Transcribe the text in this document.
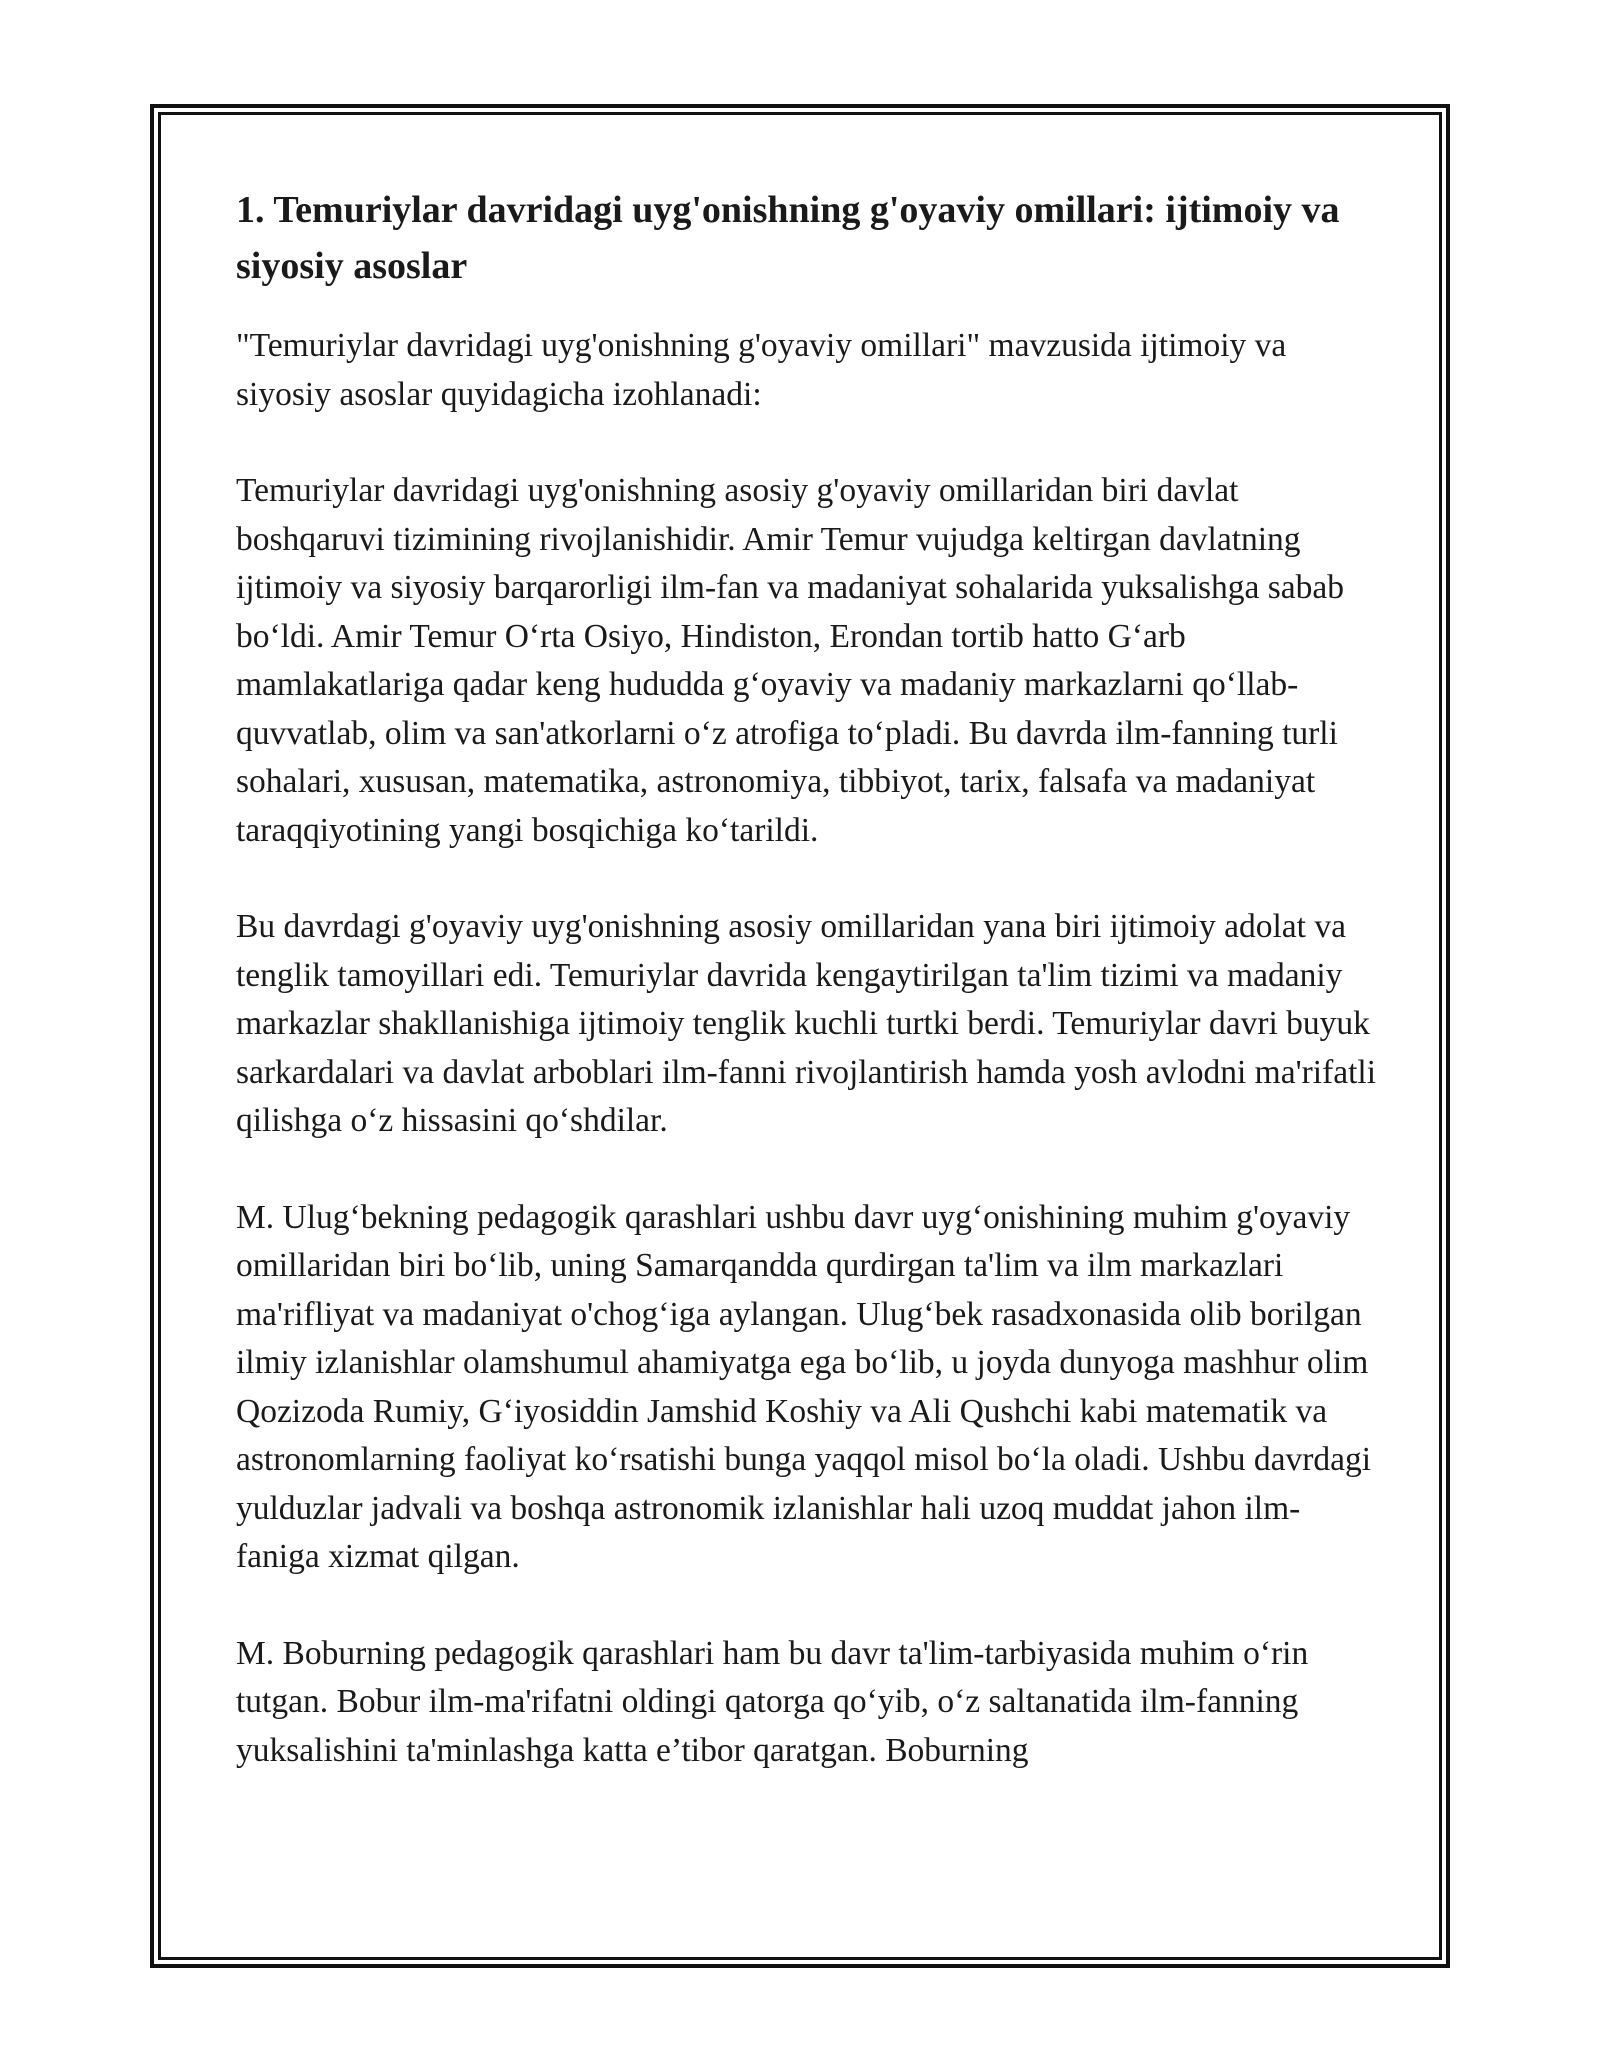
1. Temuriylar davridagi uyg'onishning g'oyaviy omillari: ijtimoiy va siyosiy asoslar

"Temuriylar davridagi uyg'onishning g'oyaviy omillari" mavzusida ijtimoiy va siyosiy asoslar quyidagicha izohlanadi:

Temuriylar davridagi uyg'onishning asosiy g'oyaviy omillaridan biri davlat boshqaruvi tizimining rivojlanishidir. Amir Temur vujudga keltirgan davlatning ijtimoiy va siyosiy barqarorligi ilm-fan va madaniyat sohalarida yuksalishga sabab bo‘ldi. Amir Temur O‘rta Osiyo, Hindiston, Erondan tortib hatto G‘arb mamlakatlariga qadar keng hududda g‘oyaviy va madaniy markazlarni qo‘llab-quvvatlab, olim va san'atkorlarni o‘z atrofiga to‘pladi. Bu davrda ilm-fanning turli sohalari, xususan, matematika, astronomiya, tibbiyot, tarix, falsafa va madaniyat taraqqiyotining yangi bosqichiga ko‘tarildi.

Bu davrdagi g'oyaviy uyg'onishning asosiy omillaridan yana biri ijtimoiy adolat va tenglik tamoyillari edi. Temuriylar davrida kengaytirilgan ta'lim tizimi va madaniy markazlar shakllanishiga ijtimoiy tenglik kuchli turtki berdi. Temuriylar davri buyuk sarkardalari va davlat arboblari ilm-fanni rivojlantirish hamda yosh avlodni ma'rifatli qilishga o‘z hissasini qo‘shdilar.

M. Ulug‘bekning pedagogik qarashlari ushbu davr uyg‘onishining muhim g'oyaviy omillaridan biri bo‘lib, uning Samarqandda qurdirgan ta'lim va ilm markazlari ma'rifliyat va madaniyat o'chog‘iga aylangan. Ulug‘bek rasadxonasida olib borilgan ilmiy izlanishlar olamshumul ahamiyatga ega bo‘lib, u joyda dunyoga mashhur olim Qozizoda Rumiy, G‘iyosiddin Jamshid Koshiy va Ali Qushchi kabi matematik va astronomlarning faoliyat ko‘rsatishi bunga yaqqol misol bo‘la oladi. Ushbu davrdagi yulduzlar jadvali va boshqa astronomik izlanishlar hali uzoq muddat jahon ilm-faniga xizmat qilgan.

M. Boburning pedagogik qarashlari ham bu davr ta'lim-tarbiyasida muhim o‘rin tutgan. Bobur ilm-ma'rifatni oldingi qatorga qo‘yib, o‘z saltanatida ilm-fanning yuksalishini ta'minlashga katta e’tibor qaratgan. Boburning
